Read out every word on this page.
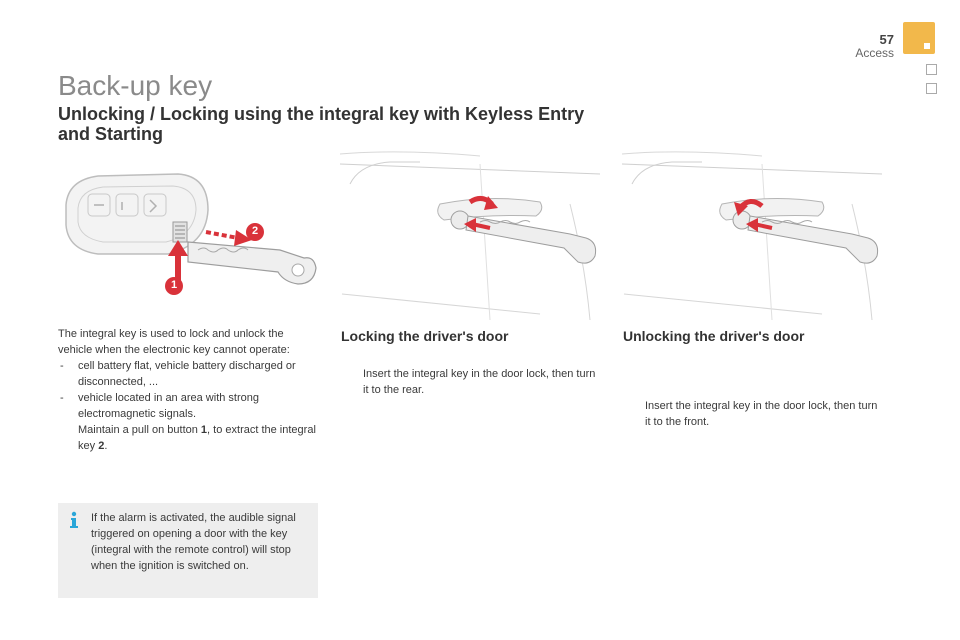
57
Access
Back-up key
Unlocking / Locking using the integral key with Keyless Entry and Starting
1
2
The integral key is used to lock and unlock the vehicle when the electronic key cannot operate:
- cell battery flat, vehicle battery discharged or disconnected, ...
- vehicle located in an area with strong electromagnetic signals.
Maintain a pull on button 1, to extract the integral key 2.
Locking the driver's door
Insert the integral key in the door lock, then turn it to the rear.
Unlocking the driver's door
Insert the integral key in the door lock, then turn it to the front.
If the alarm is activated, the audible signal triggered on opening a door with the key (integral with the remote control) will stop when the ignition is switched on.
